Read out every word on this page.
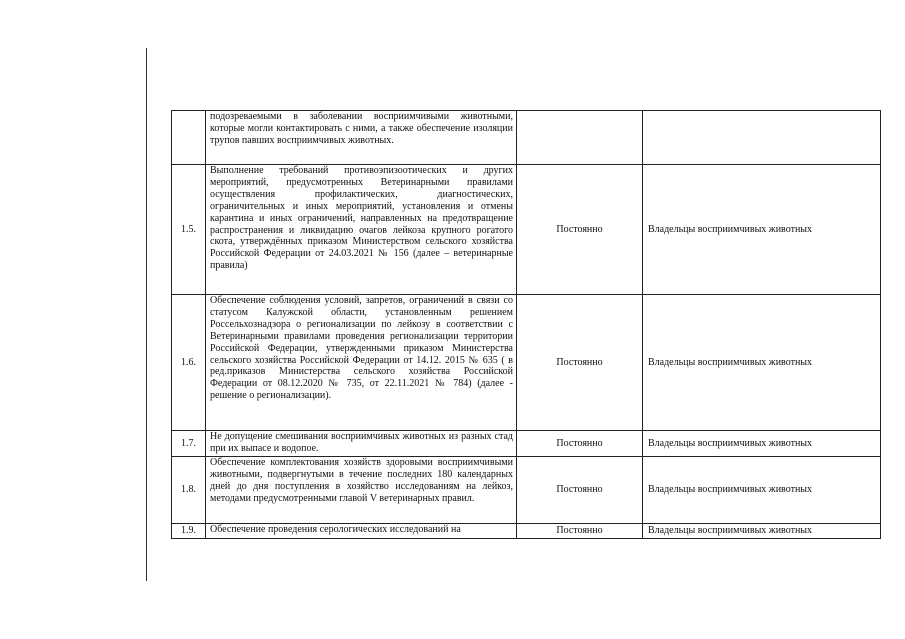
	подозреваемыми в заболевании восприимчивыми животными, которые могли контактировать с ними, а также обеспечение изоляции трупов павших восприимчивых животных.		

1.5.	Выполнение требований противоэпизоотических и других мероприятий, предусмотренных Ветеринарными правилами осуществления профилактических, диагностических, ограничительных и иных мероприятий, установления и отмены карантина и иных ограничений, направленных на предотвращение распространения и ликвидацию очагов лейкоза крупного рогатого скота, утверждённых приказом Министерством сельского хозяйства Российской Федерации от 24.03.2021 № 156 (далее – ветеринарные правила)	Постоянно	Владельцы восприимчивых животных

1.6.	Обеспечение соблюдения условий, запретов, ограничений в связи со статусом Калужской области, установленным решением Россельхознадзора о регионализации по лейкозу в соответствии с Ветеринарными правилами проведения регионализации территории Российской Федерации, утвержденными приказом Министерства сельского хозяйства Российской Федерации от 14.12. 2015 № 635 ( в ред.приказов Министерства сельского хозяйства Российской Федерации от 08.12.2020 № 735, от 22.11.2021 № 784) (далее - решение о регионализации).	Постоянно	Владельцы восприимчивых животных

1.7.	Не допущение смешивания восприимчивых животных из разных стад при их выпасе и водопое.	Постоянно	Владельцы восприимчивых животных

1.8.	Обеспечение комплектования хозяйств здоровыми восприимчивыми животными, подвергнутыми в течение последних 180 календарных дней до дня поступления в хозяйство исследованиям на лейкоз, методами предусмотренными главой V ветеринарных правил.	Постоянно	Владельцы восприимчивых животных

1.9.	Обеспечение проведения серологических исследований на	Постоянно	Владельцы восприимчивых животных
